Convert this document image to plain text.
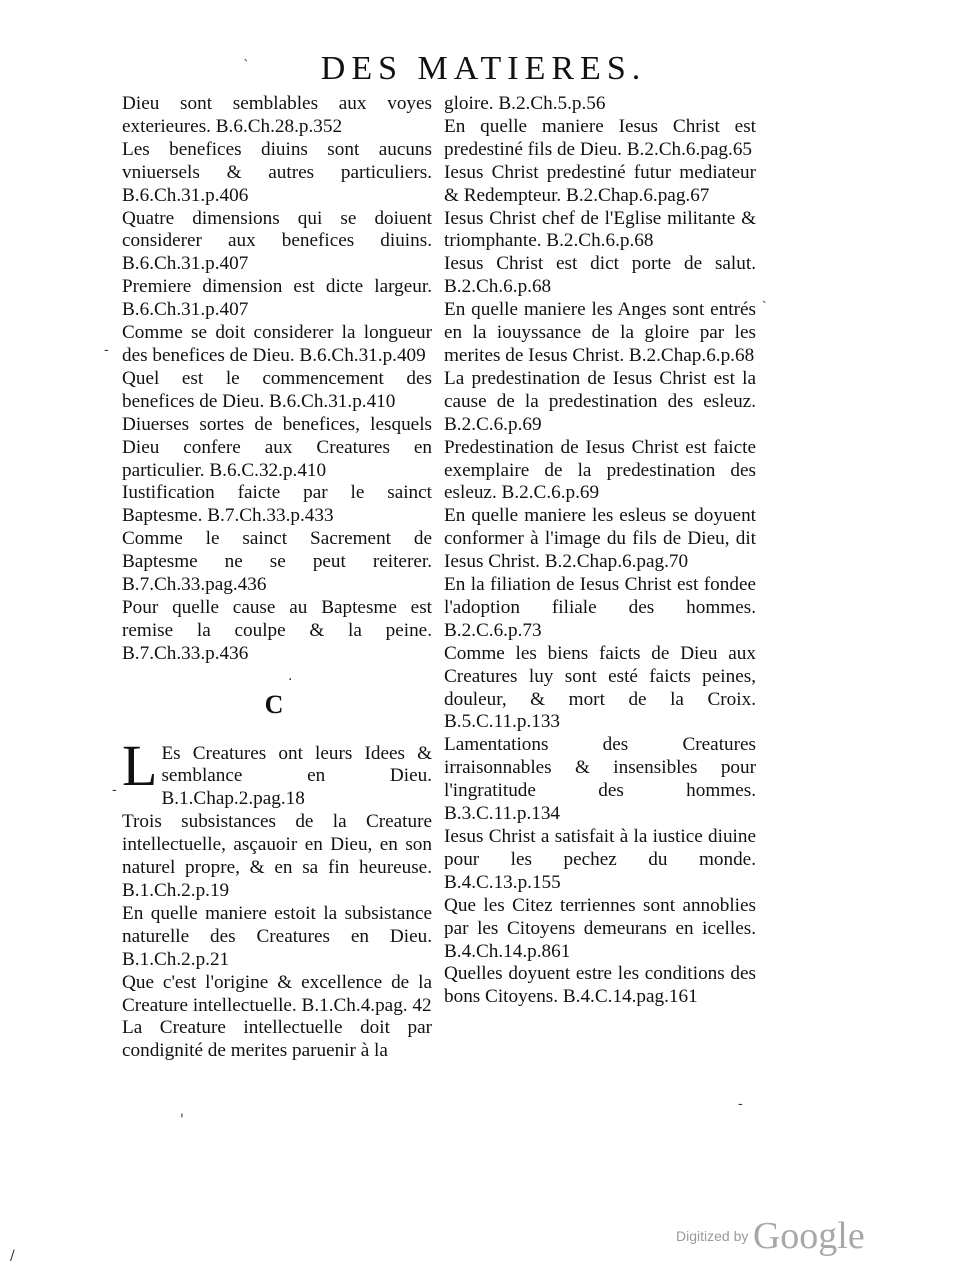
DES MATIERES.

Dieu sont semblables aux voyes exterieures. B.6.Ch.28.p.352

Les benefices diuins sont aucuns vniuersels & autres particuliers. B.6.Ch.31.p.406

Quatre dimensions qui se doiuent considerer aux benefices diuins. B.6.Ch.31.p.407

Premiere dimension est dicte largeur. B.6.Ch.31.p.407

Comme se doit considerer la longueur des benefices de Dieu. B.6.Ch.31.p.409

Quel est le commencement des benefices de Dieu. B.6.Ch.31.p.410

Diuerses sortes de benefices, lesquels Dieu confere aux Creatures en particulier. B.6.C.32.p.410

Iustification faicte par le sainct Baptesme. B.7.Ch.33.p.433

Comme le sainct Sacrement de Baptesme ne se peut reiterer. B.7.Ch.33.pag.436

Pour quelle cause au Baptesme est remise la coulpe & la peine. B.7.Ch.33.p.436

C

LEs Creatures ont leurs Idees & semblance en Dieu. B.1.Chap.2.pag.18

Trois subsistances de la Creature intellectuelle, asçauoir en Dieu, en son naturel propre, & en sa fin heureuse. B.1.Ch.2.p.19

En quelle maniere estoit la subsistance naturelle des Creatures en Dieu. B.1.Ch.2.p.21

Que c'est l'origine & excellence de la Creature intellectuelle. B.1.Ch.4.pag. 42

La Creature intellectuelle doit par condignité de merites paruenir à la

gloire. B.2.Ch.5.p.56

En quelle maniere Iesus Christ est predestiné fils de Dieu. B.2.Ch.6.pag.65

Iesus Christ predestiné futur mediateur & Redempteur. B.2.Chap.6.pag.67

Iesus Christ chef de l'Eglise militante & triomphante. B.2.Ch.6.p.68

Iesus Christ est dict porte de salut. B.2.Ch.6.p.68

En quelle maniere les Anges sont entrés en la iouyssance de la gloire par les merites de Iesus Christ. B.2.Chap.6.p.68

La predestination de Iesus Christ est la cause de la predestination des esleuz. B.2.C.6.p.69

Predestination de Iesus Christ est faicte exemplaire de la predestination des esleuz. B.2.C.6.p.69

En quelle maniere les esleus se doyuent conformer à l'image du fils de Dieu, dit Iesus Christ. B.2.Chap.6.pag.70

En la filiation de Iesus Christ est fondee l'adoption filiale des hommes. B.2.C.6.p.73

Comme les biens faicts de Dieu aux Creatures luy sont esté faicts peines, douleur, & mort de la Croix. B.5.C.11.p.133

Lamentations des Creatures irraisonnables & insensibles pour l'ingratitude des hommes. B.3.C.11.p.134

Iesus Christ a satisfait à la iustice diuine pour les pechez du monde. B.4.C.13.p.155

Que les Citez terriennes sont annoblies par les Citoyens demeurans en icelles. B.4.Ch.14.p.861

Quelles doyuent estre les conditions des bons Citoyens. B.4.C.14.pag.161

ˋ
-
-
·
'
-
ˎ
/
Digitized by Google
